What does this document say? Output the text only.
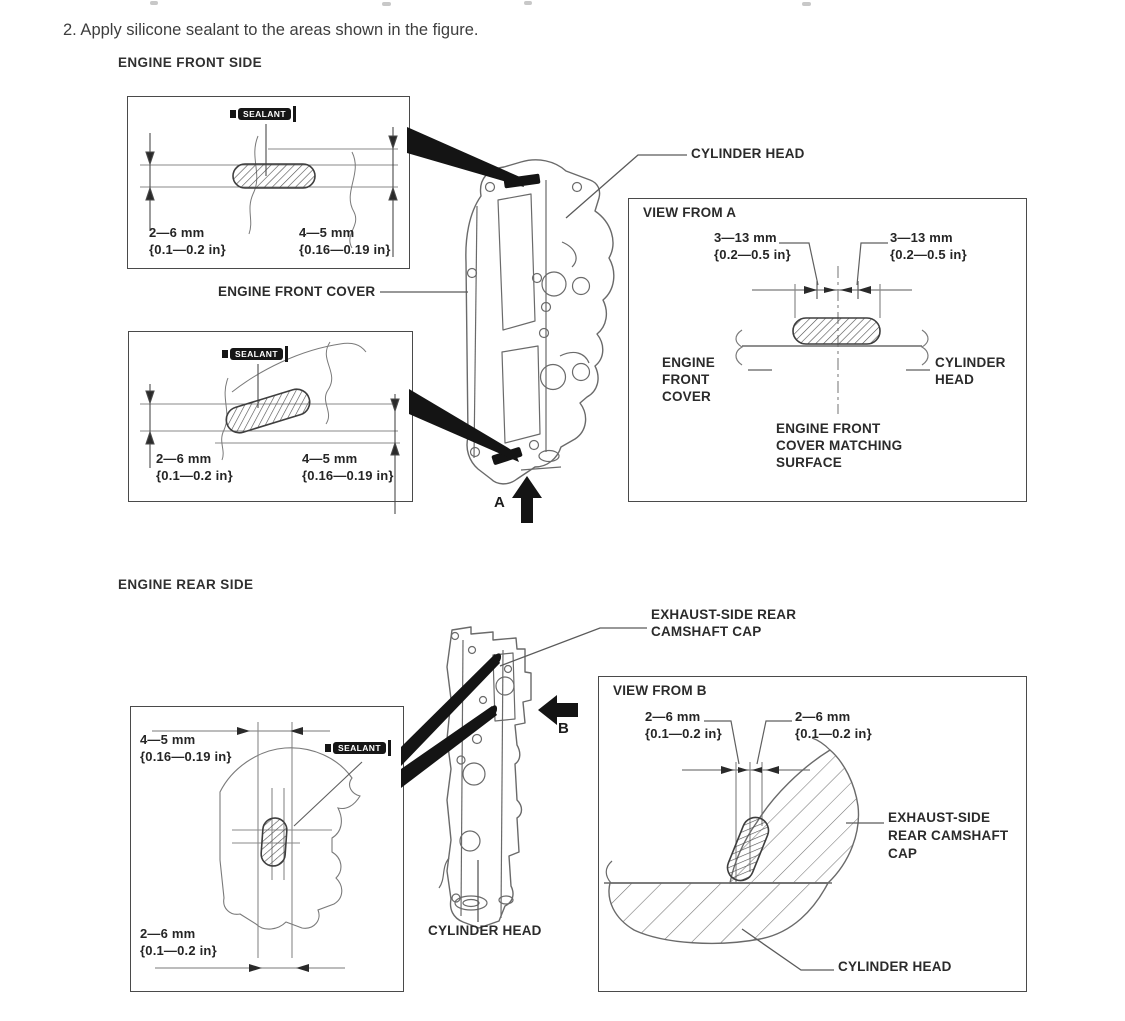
2. Apply silicone sealant to the areas shown in the figure.
ENGINE FRONT SIDE
ENGINE REAR SIDE
SEALANT
SEALANT
SEALANT
2—6 mm
{0.1—0.2 in}
4—5 mm
{0.16—0.19 in}
2—6 mm
{0.1—0.2 in}
4—5 mm
{0.16—0.19 in}
CYLINDER HEAD
ENGINE FRONT COVER
A
VIEW FROM A
3—13 mm
{0.2—0.5 in}
3—13 mm
{0.2—0.5 in}
ENGINE
FRONT
COVER
CYLINDER
HEAD
ENGINE FRONT
COVER MATCHING
SURFACE
EXHAUST-SIDE REAR
CAMSHAFT CAP
B
CYLINDER HEAD
4—5 mm
{0.16—0.19 in}
2—6 mm
{0.1—0.2 in}
VIEW FROM B
2—6 mm
{0.1—0.2 in}
2—6 mm
{0.1—0.2 in}
EXHAUST-SIDE
REAR CAMSHAFT
CAP
CYLINDER HEAD
